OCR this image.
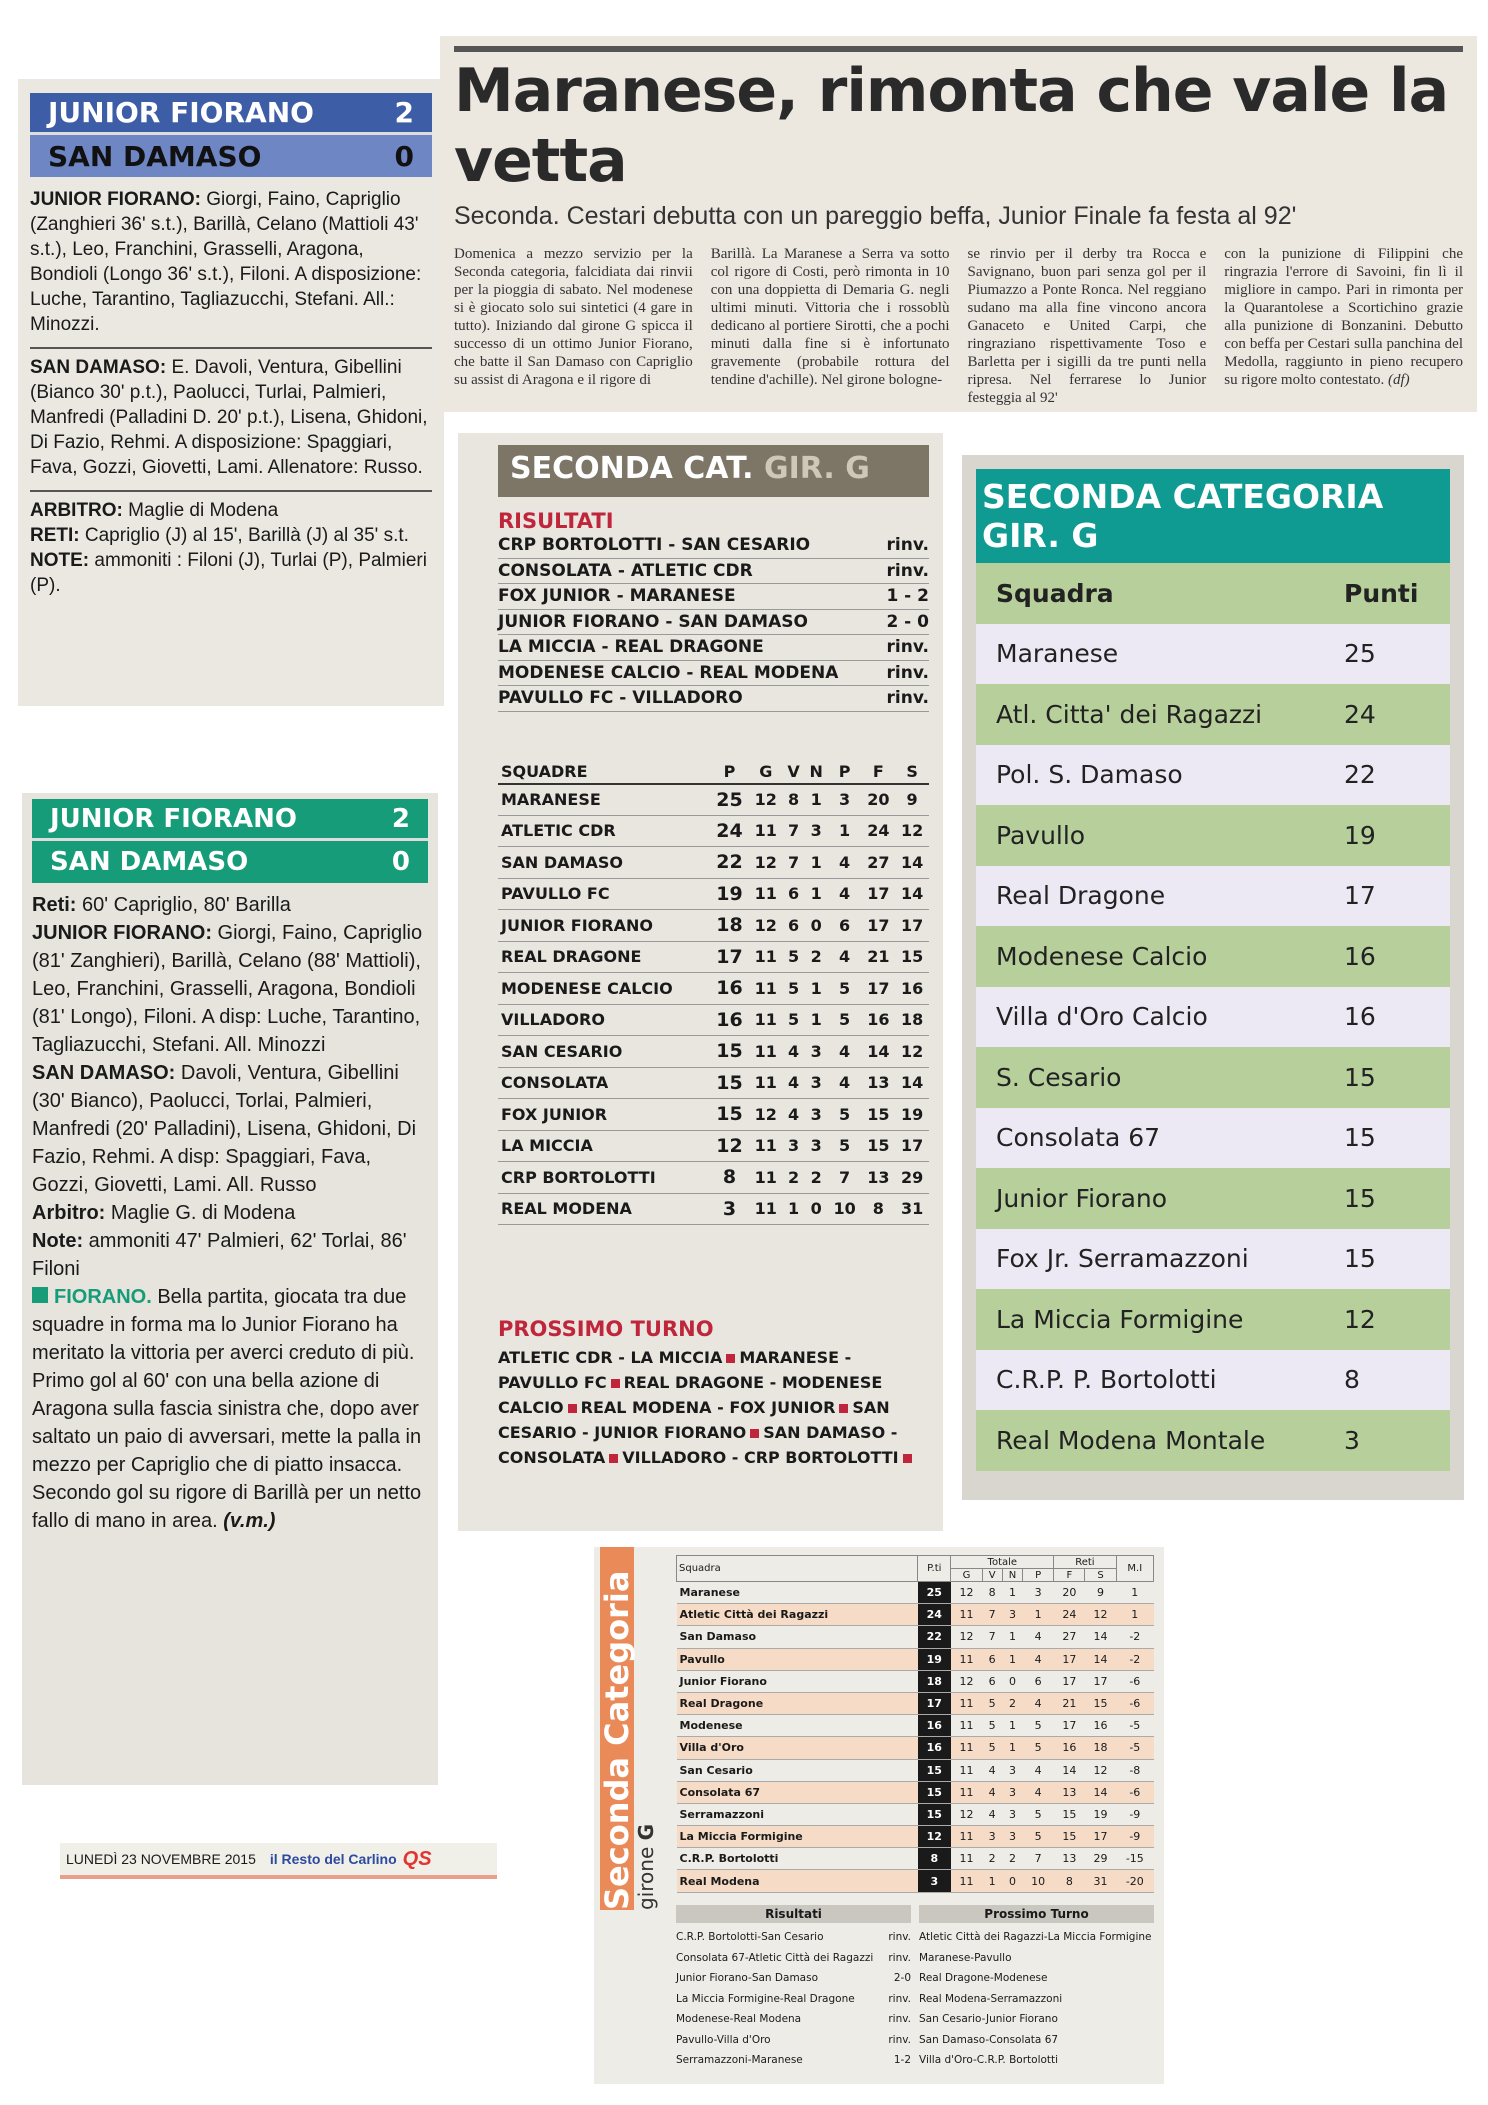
JUNIOR FIORANO	2
SAN DAMASO	0

JUNIOR FIORANO: Giorgi, Faino, Capriglio (Zanghieri 36' s.t.), Barillà, Celano (Mattioli 43' s.t.), Leo, Franchini, Grasselli, Aragona, Bondioli (Longo 36' s.t.), Filoni. A disposizione: Luche, Tarantino, Tagliazucchi, Stefani. All.: Minozzi.

SAN DAMASO: E. Davoli, Ventura, Gibellini (Bianco 30' p.t.), Paolucci, Turlai, Palmieri, Manfredi (Palladini D. 20' p.t.), Lisena, Ghidoni, Di Fazio, Rehmi. A disposizione: Spaggiari, Fava, Gozzi, Giovetti, Lami. Allenatore: Russo.

ARBITRO: Maglie di Modena

RETI: Capriglio (J) al 15', Barillà (J) al 35' s.t.

NOTE: ammoniti : Filoni (J), Turlai (P), Palmieri (P).

Maranese, rimonta che vale la vetta
Seconda. Cestari debutta con un pareggio beffa, Junior Finale fa festa al 92'

Domenica a mezzo servizio per la Seconda categoria, falcidiata dai rinvii per la pioggia di sabato. Nel modenese si è giocato solo sui sintetici (4 gare in tutto). Iniziando dal girone G spicca il successo di un ottimo Junior Fiorano, che batte il San Damaso con Capriglio su assist di Aragona e il rigore di

Barillà. La Maranese a Serra va sotto col rigore di Costi, però rimonta in 10 con una doppietta di Demaria G. negli ultimi minuti. Vittoria che i rossoblù dedicano al portiere Sirotti, che a pochi minuti dalla fine si è infortunato gravemente (probabile rottura del tendine d'achille). Nel girone bologne-

se rinvio per il derby tra Rocca e Savignano, buon pari senza gol per il Piumazzo a Ponte Ronca. Nel reggiano sudano ma alla fine vincono ancora Ganaceto e United Carpi, che ringraziano rispettivamente Toso e Barletta per i sigilli da tre punti nella ripresa. Nel ferrarese lo Junior festeggia al 92'

con la punizione di Filippini che ringrazia l'errore di Savoini, fin lì il migliore in campo. Pari in rimonta per la Quarantolese a Scortichino grazie alla punizione di Bonzanini. Debutto con beffa per Cestari sulla panchina del Medolla, raggiunto in pieno recupero su rigore molto contestato. (df)

SECONDA CAT. GIR. G
RISULTATI
CRP BORTOLOTTI - SAN CESARIO	rinv.
CONSOLATA - ATLETIC CDR	rinv.
FOX JUNIOR - MARANESE	1 - 2
JUNIOR FIORANO - SAN DAMASO	2 - 0
LA MICCIA - REAL DRAGONE	rinv.
MODENESE CALCIO - REAL MODENA	rinv.
PAVULLO FC - VILLADORO	rinv.
SQUADRE	P	G	V	N	P	F	S
MARANESE	25	12	8	1	3	20	9
ATLETIC CDR	24	11	7	3	1	24	12
SAN DAMASO	22	12	7	1	4	27	14
PAVULLO FC	19	11	6	1	4	17	14
JUNIOR FIORANO	18	12	6	0	6	17	17
REAL DRAGONE	17	11	5	2	4	21	15
MODENESE CALCIO	16	11	5	1	5	17	16
VILLADORO	16	11	5	1	5	16	18
SAN CESARIO	15	11	4	3	4	14	12
CONSOLATA	15	11	4	3	4	13	14
FOX JUNIOR	15	12	4	3	5	15	19
LA MICCIA	12	11	3	3	5	15	17
CRP BORTOLOTTI	8	11	2	2	7	13	29
REAL MODENA	3	11	1	0	10	8	31
PROSSIMO TURNO
ATLETIC CDR - LA MICCIA MARANESE - PAVULLO FC REAL DRAGONE - MODENESE CALCIO REAL MODENA - FOX JUNIOR SAN CESARIO - JUNIOR FIORANO SAN DAMASO - CONSOLATA VILLADORO - CRP BORTOLOTTI
SECONDA CATEGORIA GIR. G
Squadra	Punti
Maranese	25
Atl. Citta' dei Ragazzi	24
Pol. S. Damaso	22
Pavullo	19
Real Dragone	17
Modenese Calcio	16
Villa d'Oro Calcio	16
S. Cesario	15
Consolata 67	15
Junior Fiorano	15
Fox Jr. Serramazzoni	15
La Miccia Formigine	12
C.R.P. P. Bortolotti	8
Real Modena Montale	3
JUNIOR FIORANO	2
SAN DAMASO	0

Reti: 60' Capriglio, 80' Barilla

JUNIOR FIORANO: Giorgi, Faino, Capriglio (81' Zanghieri), Barillà, Celano (88' Mattioli), Leo, Franchini, Grasselli, Aragona, Bondioli (81' Longo), Filoni. A disp: Luche, Tarantino, Tagliazucchi, Stefani. All. Minozzi

SAN DAMASO: Davoli, Ventura, Gibellini (30' Bianco), Paolucci, Torlai, Palmieri, Manfredi (20' Palladini), Lisena, Ghidoni, Di Fazio, Rehmi. A disp: Spaggiari, Fava, Gozzi, Giovetti, Lami. All. Russo

Arbitro: Maglie G. di Modena

Note: ammoniti 47' Palmieri, 62' Torlai, 86' Filoni

FIORANO. Bella partita, giocata tra due squadre in forma ma lo Junior Fiorano ha meritato la vittoria per averci creduto di più.

Primo gol al 60' con una bella azione di Aragona sulla fascia sinistra che, dopo aver saltato un paio di avversari, mette la palla in mezzo per Capriglio che di piatto insacca. Secondo gol su rigore di Barillà per un netto fallo di mano in area. (v.m.)

LUNEDÌ 23 NOVEMBRE 2015 il Resto del Carlino QS	Seconda Categoria
girone G
Squadra	P.ti	Totale				Reti		M.I
		G	V	N	P	F	S	
Maranese	25	12	8	1	3	20	9	1
Atletic Città dei Ragazzi	24	11	7	3	1	24	12	1
San Damaso	22	12	7	1	4	27	14	-2
Pavullo	19	11	6	1	4	17	14	-2
Junior Fiorano	18	12	6	0	6	17	17	-6
Real Dragone	17	11	5	2	4	21	15	-6
Modenese	16	11	5	1	5	17	16	-5
Villa d'Oro	16	11	5	1	5	16	18	-5
San Cesario	15	11	4	3	4	14	12	-8
Consolata 67	15	11	4	3	4	13	14	-6
Serramazzoni	15	12	4	3	5	15	19	-9
La Miccia Formigine	12	11	3	3	5	15	17	-9
C.R.P. Bortolotti	8	11	2	2	7	13	29	-15
Real Modena	3	11	1	0	10	8	31	-20
Risultati
C.R.P. Bortolotti-San Cesario	rinv.
Consolata 67-Atletic Città dei Ragazzi rinv.
Junior Fiorano-San Damaso	2-0
La Miccia Formigine-Real Dragone	rinv.
Modenese-Real Modena	rinv.
Pavullo-Villa d'Oro	rinv.
Serramazzoni-Maranese	1-2
Prossimo Turno
Atletic Città dei Ragazzi-La Miccia Formigine
Maranese-Pavullo
Real Dragone-Modenese
Real Modena-Serramazzoni
San Cesario-Junior Fiorano
San Damaso-Consolata 67
Villa d'Oro-C.R.P. Bortolotti
